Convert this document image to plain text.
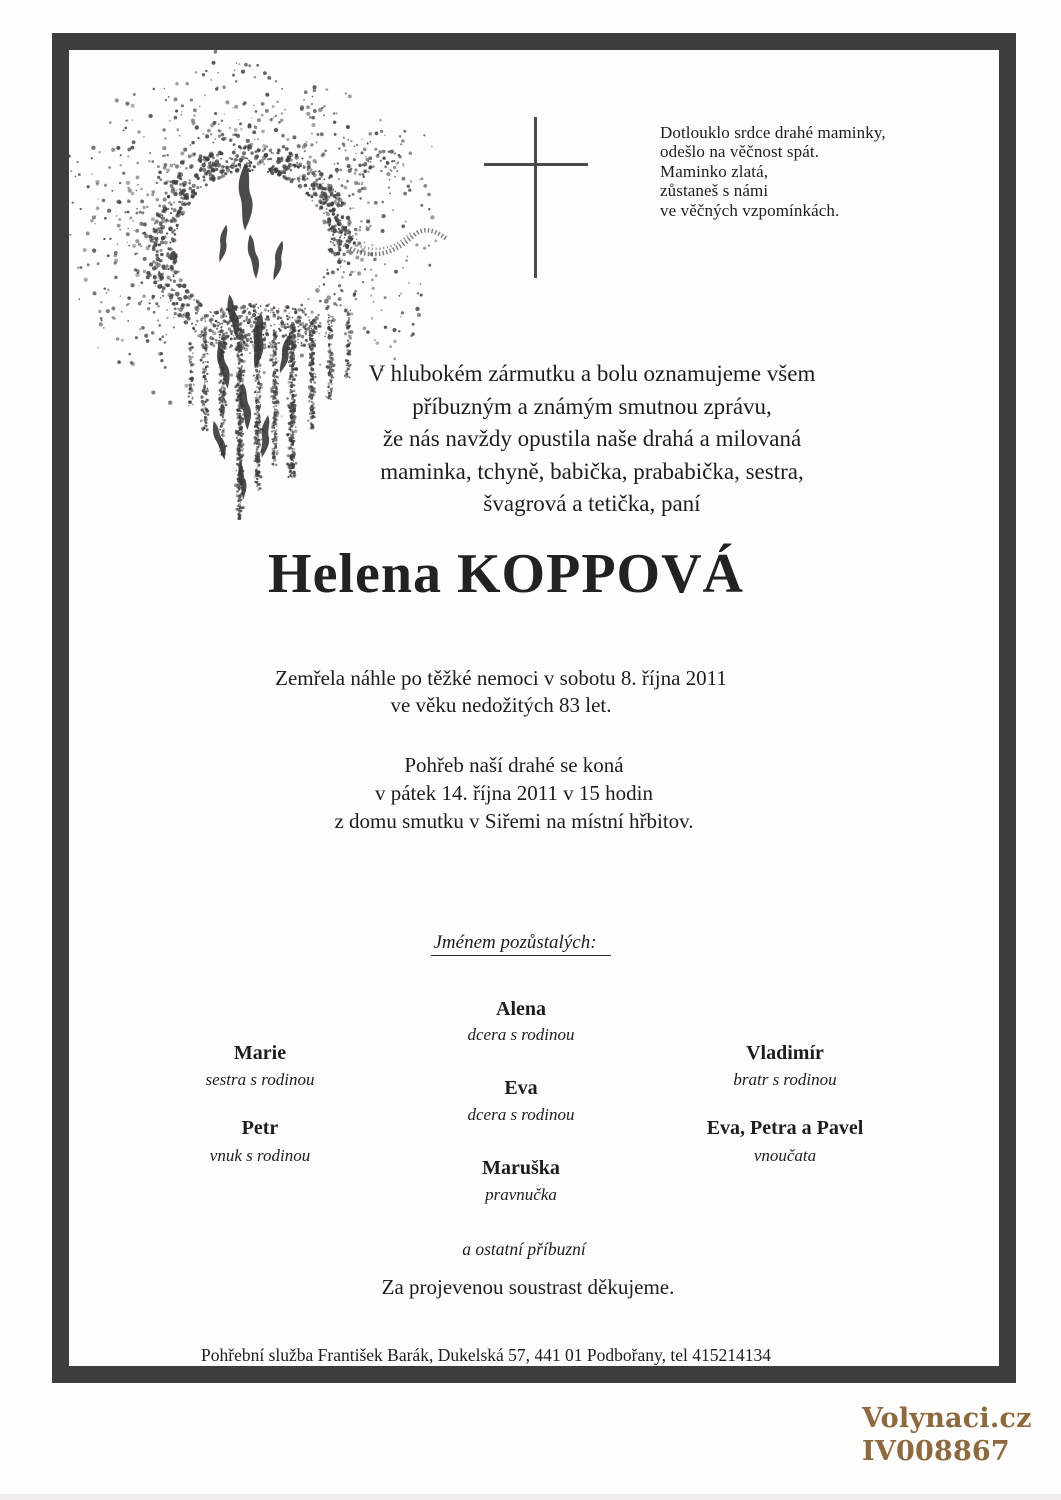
Dotlouklo srdce drahé maminky,
odešlo na věčnost spát.
Maminko zlatá,
zůstaneš s námi
ve věčných vzpomínkách.
V hlubokém zármutku a bolu oznamujeme všem
příbuzným a známým smutnou zprávu,
že nás navždy opustila naše drahá a milovaná
maminka, tchyně, babička, prababička, sestra,
švagrová a tetička, paní
Helena KOPPOVÁ
Zemřela náhle po těžké nemoci v sobotu 8. října 2011
ve věku nedožitých 83 let.
Pohřeb naší drahé se koná
v pátek 14. října 2011 v 15 hodin
z domu smutku v Siřemi na místní hřbitov.
Jménem pozůstalých:
Marie
sestra s rodinou
Petr
vnuk s rodinou
Alena
dcera s rodinou
Eva
dcera s rodinou
Maruška
pravnučka
Vladimír
bratr s rodinou
Eva, Petra a Pavel
vnoučata
a ostatní příbuzní
Za projevenou soustrast děkujeme.
Pohřební služba František Barák, Dukelská 57, 441 01 Podbořany, tel 415214134
Volynaci.cz
IV008867
